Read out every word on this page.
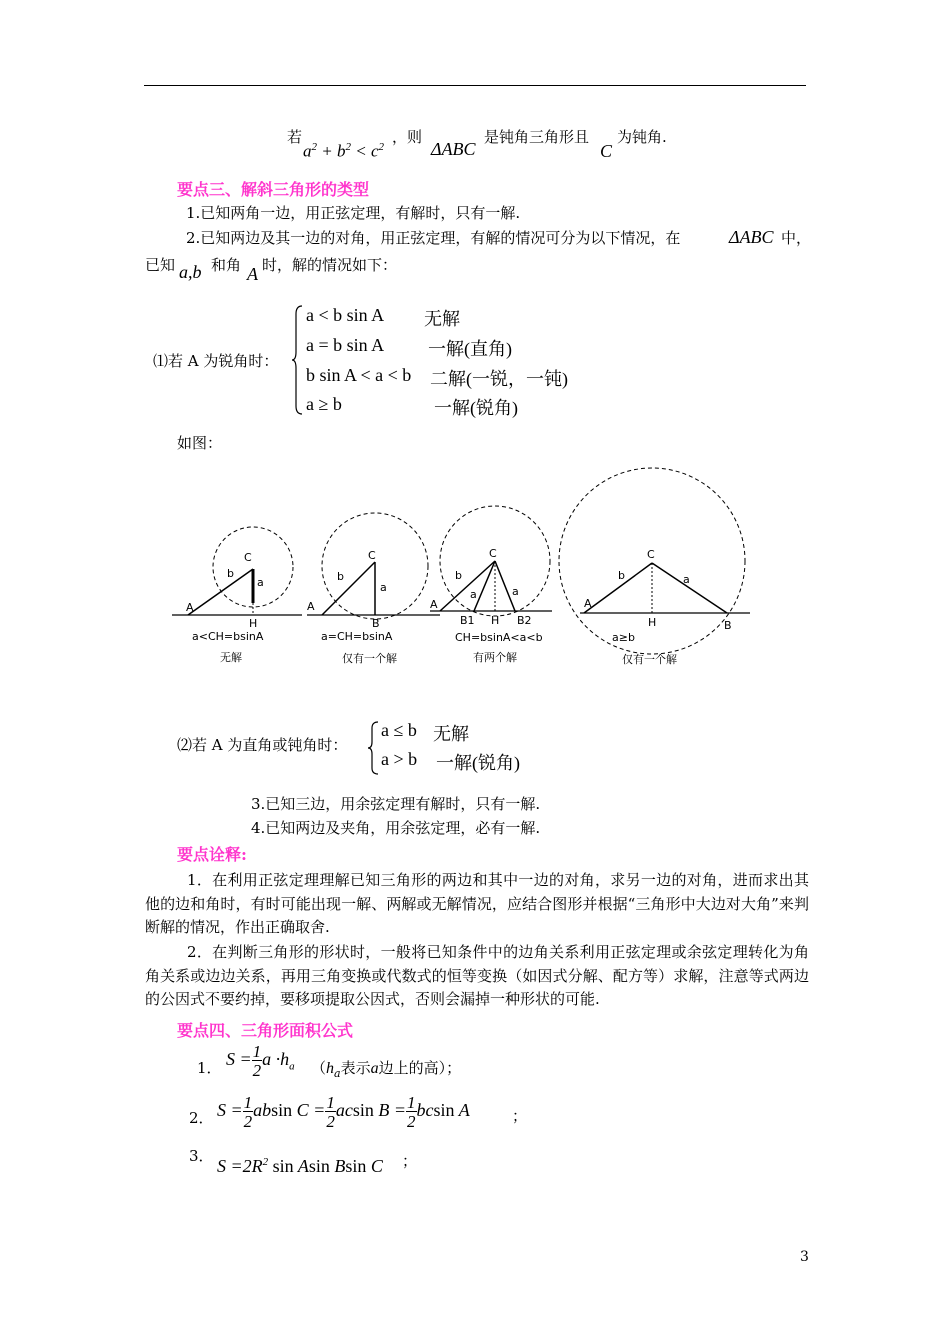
若
$a^2 + b^2 < c^2$
，则
ΔABC
是钝角三角形且
C
为钝角.
要点三、解斜三角形的类型
1.已知两角一边，用正弦定理，有解时，只有一解.
2.已知两边及其一边的对角，用正弦定理，有解的情况可分为以下情况，在	ΔABC 中，
已知 a,b 和角 A 时，解的情况如下：
⑴若 A 为锐角时：
a < b sin A 无解
a = b sin A 一解(直角)
b sin A < a < b 二解(一锐，一钝)
a ≥ b	一解(锐角)
如图：
C
b
a
A
H
a<CH=bsinA
无解
C
b
a
A
B
a=CH=bsinA
仅有一个解
C
b
a	a
A
B1 H B2
CH=bsinA<a<b
有两个解
C
b	a
A
H	B
a≥b
仅有一个解
⑵若 A 为直角或钝角时：
a ≤ b 无解
a > b 一解(锐角)
3.已知三边，用余弦定理有解时，只有一解.
4.已知两边及夹角，用余弦定理，必有一解.
要点诠释:
1．在利用正弦定理理解已知三角形的两边和其中一边的对角，求另一边的对角，进而求出其他的边和角时，有时可能出现一解、两解或无解情况，应结合图形并根据“三角形中大边对大角”来判断解的情况，作出正确取舍.
2．在判断三角形的形状时，一般将已知条件中的边角关系利用正弦定理或余弦定理转化为角角关系或边边关系，再用三角变换或代数式的恒等变换（如因式分解、配方等）求解，注意等式两边的公因式不要约掉，要移项提取公因式，否则会漏掉一种形状的可能.
要点四、三角形面积公式
1． $S = \frac{1}{2}$ $a \cdot h_a$ （$h_a$表示a边上的高）；
2． $S = \frac{1}{2}$ absin $C = \frac{1}{2}$ acsin $B = \frac{1}{2}$ bcsin A	；
3． $S =2R^2$ sin Asin Bsin C ；
3
